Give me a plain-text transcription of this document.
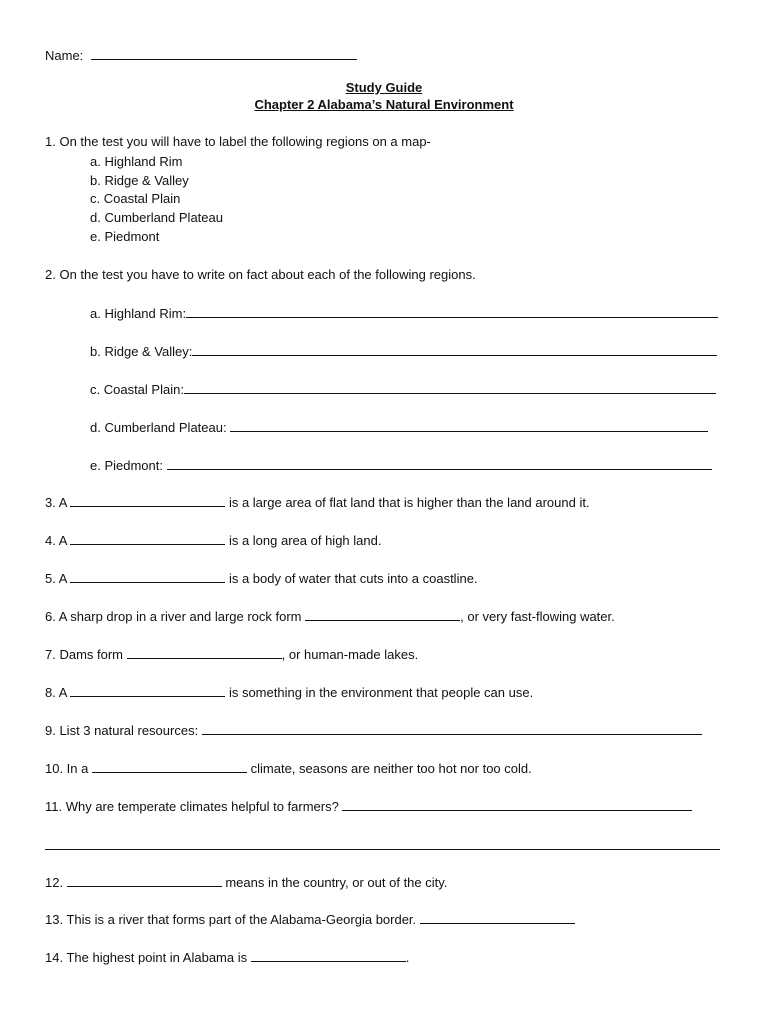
Name:
Study Guide
Chapter 2 Alabama’s Natural Environment
1. On the test you will have to label the following regions on a map-
a. Highland Rim
b. Ridge & Valley
c. Coastal Plain
d. Cumberland Plateau
e. Piedmont
2. On the test you have to write on fact about each of the following regions.
a. Highland Rim:
b. Ridge & Valley:
c. Coastal Plain:
d. Cumberland Plateau:
e. Piedmont:
3. A	is a large area of flat land that is higher than the land around it.
4. A	is a long area of high land.
5. A	is a body of water that cuts into a coastline.
6. A sharp drop in a river and large rock form	, or very fast-flowing water.
7. Dams form	, or human-made lakes.
8. A	is something in the environment that people can use.
9. List 3 natural resources:
10. In a	climate, seasons are neither too hot nor too cold.
11. Why are temperate climates helpful to farmers?
12.	means in the country, or out of the city.
13. This is a river that forms part of the Alabama-Georgia border.
14. The highest point in Alabama is	.
